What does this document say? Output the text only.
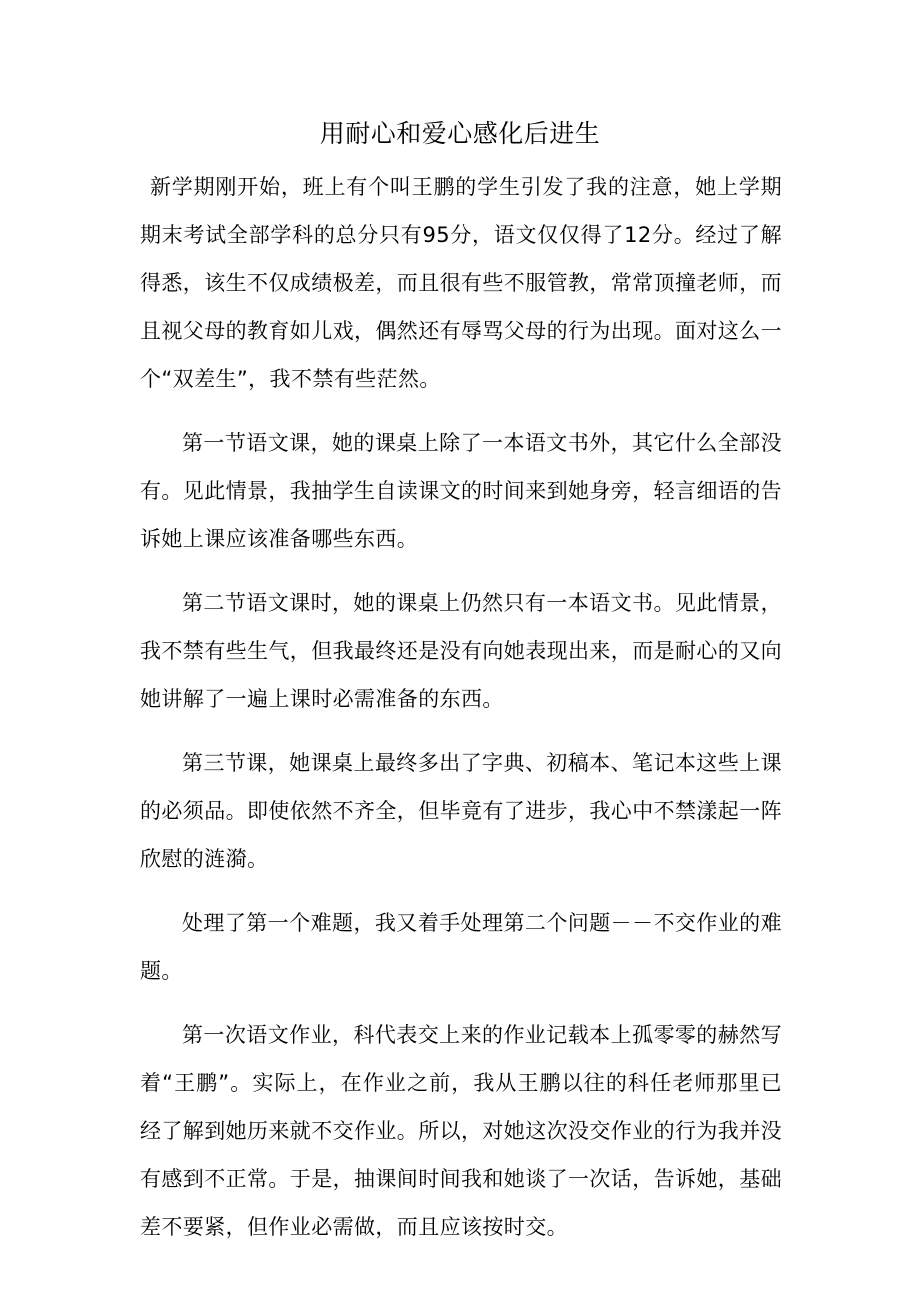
用耐心和爱心感化后进生

新学期刚开始，班上有个叫王鹏的学生引发了我的注意，她上学期期末考试全部学科的总分只有95分，语文仅仅得了12分。经过了解得悉，该生不仅成绩极差，而且很有些不服管教，常常顶撞老师，而且视父母的教育如儿戏，偶然还有辱骂父母的行为出现。面对这么一个“双差生”，我不禁有些茫然。

第一节语文课，她的课桌上除了一本语文书外，其它什么全部没有。见此情景，我抽学生自读课文的时间来到她身旁，轻言细语的告诉她上课应该准备哪些东西。

第二节语文课时，她的课桌上仍然只有一本语文书。见此情景，我不禁有些生气，但我最终还是没有向她表现出来，而是耐心的又向她讲解了一遍上课时必需准备的东西。

第三节课，她课桌上最终多出了字典、初稿本、笔记本这些上课的必须品。即使依然不齐全，但毕竟有了进步，我心中不禁漾起一阵欣慰的涟漪。

处理了第一个难题，我又着手处理第二个问题－－不交作业的难题。

第一次语文作业，科代表交上来的作业记载本上孤零零的赫然写着“王鹏”。实际上，在作业之前，我从王鹏以往的科任老师那里已经了解到她历来就不交作业。所以，对她这次没交作业的行为我并没有感到不正常。于是，抽课间时间我和她谈了一次话，告诉她，基础差不要紧，但作业必需做，而且应该按时交。
